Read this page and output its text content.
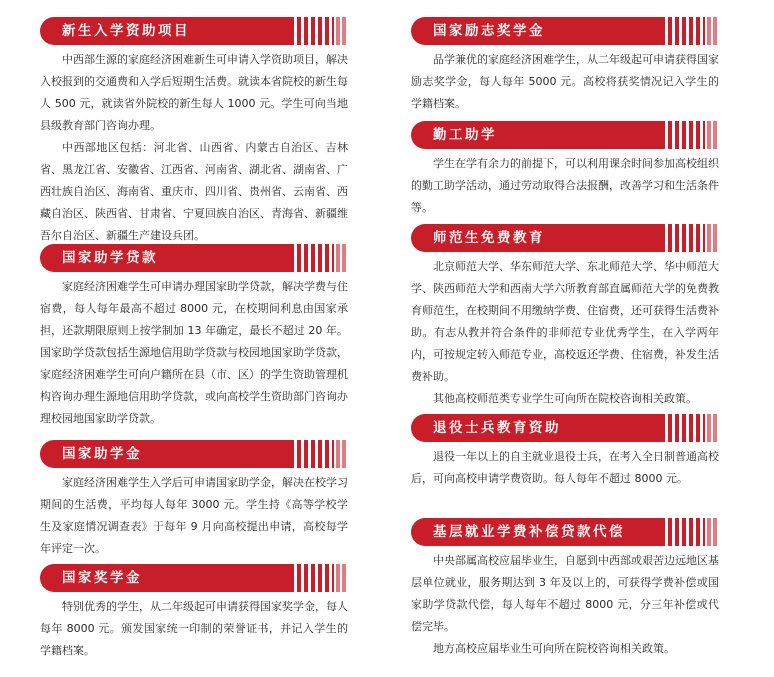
新生入学资助项目

中西部生源的家庭经济困难新生可申请入学资助项目，解决入校报到的交通费和入学后短期生活费。就读本省院校的新生每人 500 元，就读省外院校的新生每人 1000 元。学生可向当地县级教育部门咨询办理。

中西部地区包括：河北省、山西省、内蒙古自治区、吉林省、黑龙江省、安徽省、江西省、河南省、湖北省、湖南省、广西壮族自治区、海南省、重庆市、四川省、贵州省、云南省、西藏自治区、陕西省、甘肃省、宁夏回族自治区、青海省、新疆维吾尔自治区、新疆生产建设兵团。

国家助学贷款

家庭经济困难学生可申请办理国家助学贷款，解决学费与住宿费，每人每年最高不超过 8000 元，在校期间利息由国家承担，还款期限原则上按学制加 13 年确定，最长不超过 20 年。国家助学贷款包括生源地信用助学贷款与校园地国家助学贷款，家庭经济困难学生可向户籍所在县（市、区）的学生资助管理机构咨询办理生源地信用助学贷款，或向高校学生资助部门咨询办理校园地国家助学贷款。

国家助学金

家庭经济困难学生入学后可申请国家助学金，解决在校学习期间的生活费，平均每人每年 3000 元。学生持《高等学校学生及家庭情况调查表》于每年 9 月向高校提出申请，高校每学年评定一次。

国家奖学金

特别优秀的学生，从二年级起可申请获得国家奖学金，每人每年 8000 元。颁发国家统一印制的荣誉证书，并记入学生的学籍档案。

国家励志奖学金

品学兼优的家庭经济困难学生，从二年级起可申请获得国家励志奖学金，每人每年 5000 元。高校将获奖情况记入学生的学籍档案。

勤工助学

学生在学有余力的前提下，可以利用课余时间参加高校组织的勤工助学活动，通过劳动取得合法报酬，改善学习和生活条件等。

师范生免费教育

北京师范大学、华东师范大学、东北师范大学、华中师范大学、陕西师范大学和西南大学六所教育部直属师范大学的免费教育师范生，在校期间不用缴纳学费、住宿费，还可获得生活费补助。有志从教并符合条件的非师范专业优秀学生，在入学两年内，可按规定转入师范专业，高校返还学费、住宿费，补发生活费补助。

其他高校师范类专业学生可向所在院校咨询相关政策。

退役士兵教育资助

退役一年以上的自主就业退役士兵，在考入全日制普通高校后，可向高校申请学费资助。每人每年不超过 8000 元。

基层就业学费补偿贷款代偿

中央部属高校应届毕业生，自愿到中西部或艰苦边远地区基层单位就业，服务期达到 3 年及以上的，可获得学费补偿或国家助学贷款代偿，每人每年不超过 8000 元，分三年补偿或代偿完毕。

地方高校应届毕业生可向所在院校咨询相关政策。
